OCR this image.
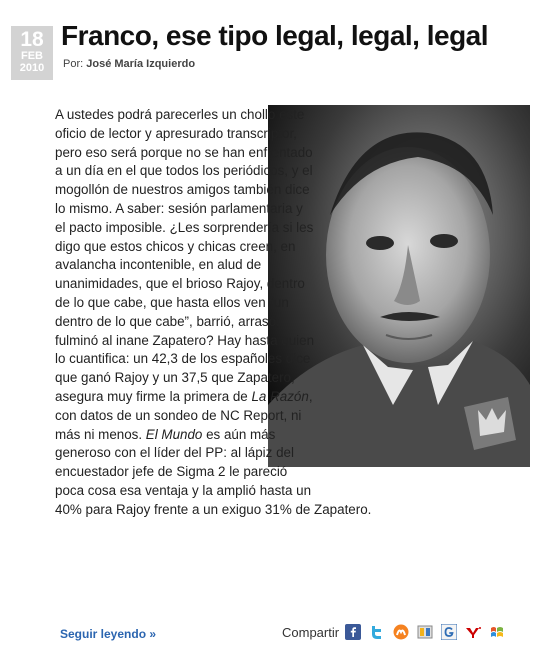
18
FEB
2010
Franco, ese tipo legal, legal, legal
Por: José María Izquierdo

A ustedes podrá parecerles un chollo este oficio de lector y apresurado transcriptor, pero eso será porque no se han enfrentado a un día en el que todos los periódicos, y el mogollón de nuestros amigos también dice lo mismo. A saber: sesión parlamentaria y el pacto imposible. ¿Les sorprendería si les digo que estos chicos y chicas creen, en avalancha incontenible, en alud de unanimidades, que el brioso Rajoy, dentro de lo que cabe, que hasta ellos ven “un dentro de lo que cabe”, barrió, arrasó, fulminó al inane Zapatero? Hay hasta quien lo cuantifica: un 42,3 de los españoles dice que ganó Rajoy y un 37,5 que Zapatero, asegura muy firme la primera de La Razón, con datos de un sondeo de NC Report, ni más ni menos. El Mundo es aún más generoso con el líder del PP: al lápiz del encuestador jefe de Sigma 2 le pareció poca cosa esa ventaja y la amplió hasta un 40% para Rajoy frente a un exiguo 31% de Zapatero.

Seguir leyendo »	Compartir
